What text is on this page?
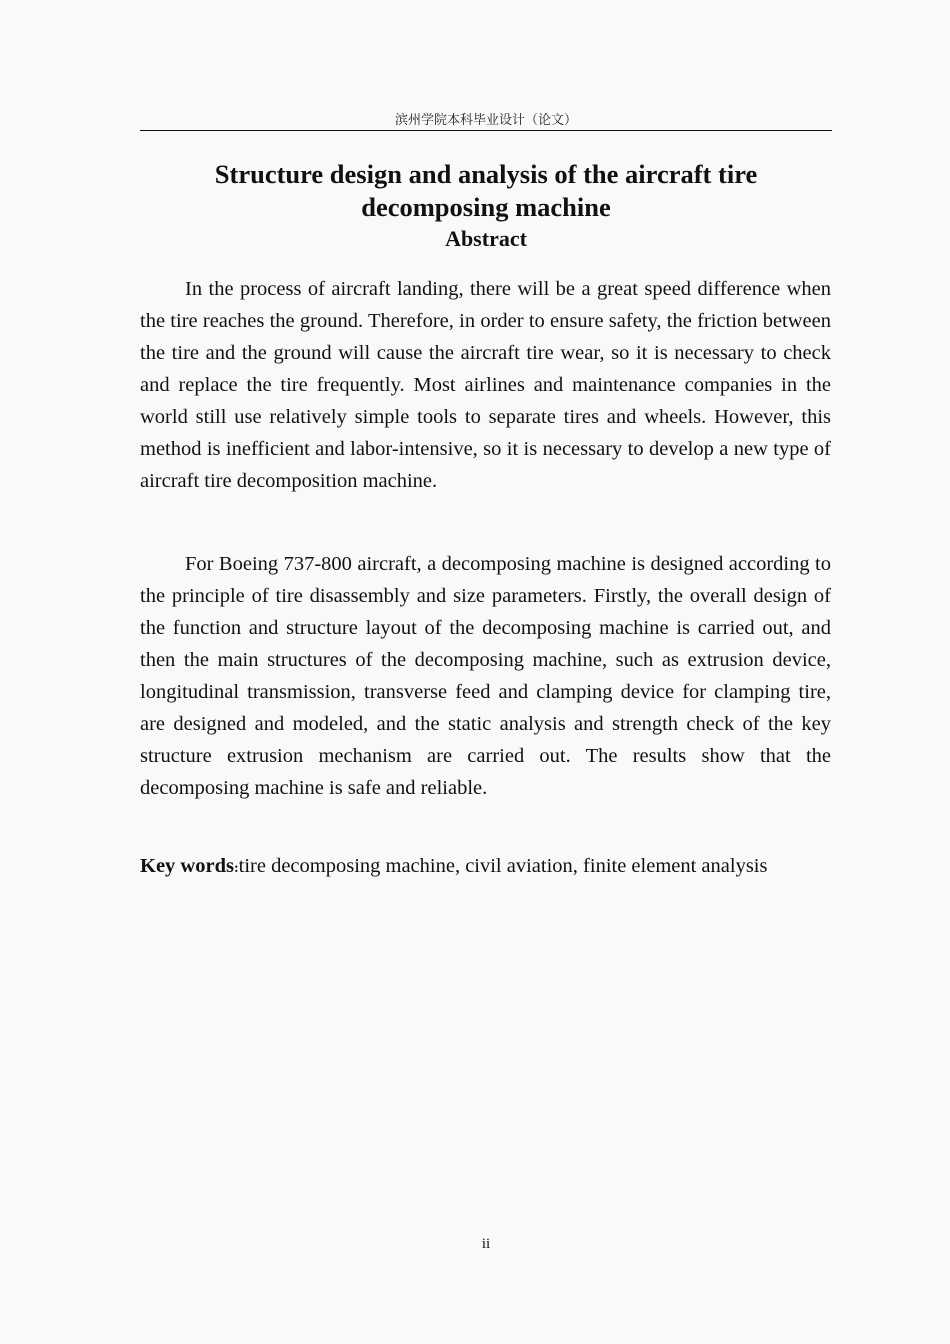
滨州学院本科毕业设计（论文）
Structure design and analysis of the aircraft tire decomposing machine
Abstract

In the process of aircraft landing, there will be a great speed difference when the tire reaches the ground. Therefore, in order to ensure safety, the friction between the tire and the ground will cause the aircraft tire wear, so it is necessary to check and replace the tire frequently. Most airlines and maintenance companies in the world still use relatively simple tools to separate tires and wheels. However, this method is inefficient and labor-intensive, so it is necessary to develop a new type of aircraft tire decomposition machine.

For Boeing 737-800 aircraft, a decomposing machine is designed according to the principle of tire disassembly and size parameters. Firstly, the overall design of the function and structure layout of the decomposing machine is carried out, and then the main structures of the decomposing machine, such as extrusion device, longitudinal transmission, transverse feed and clamping device for clamping tire, are designed and modeled, and the static analysis and strength check of the key structure extrusion mechanism are carried out. The results show that the decomposing machine is safe and reliable.

Key words:tire decomposing machine, civil aviation, finite element analysis
ii
